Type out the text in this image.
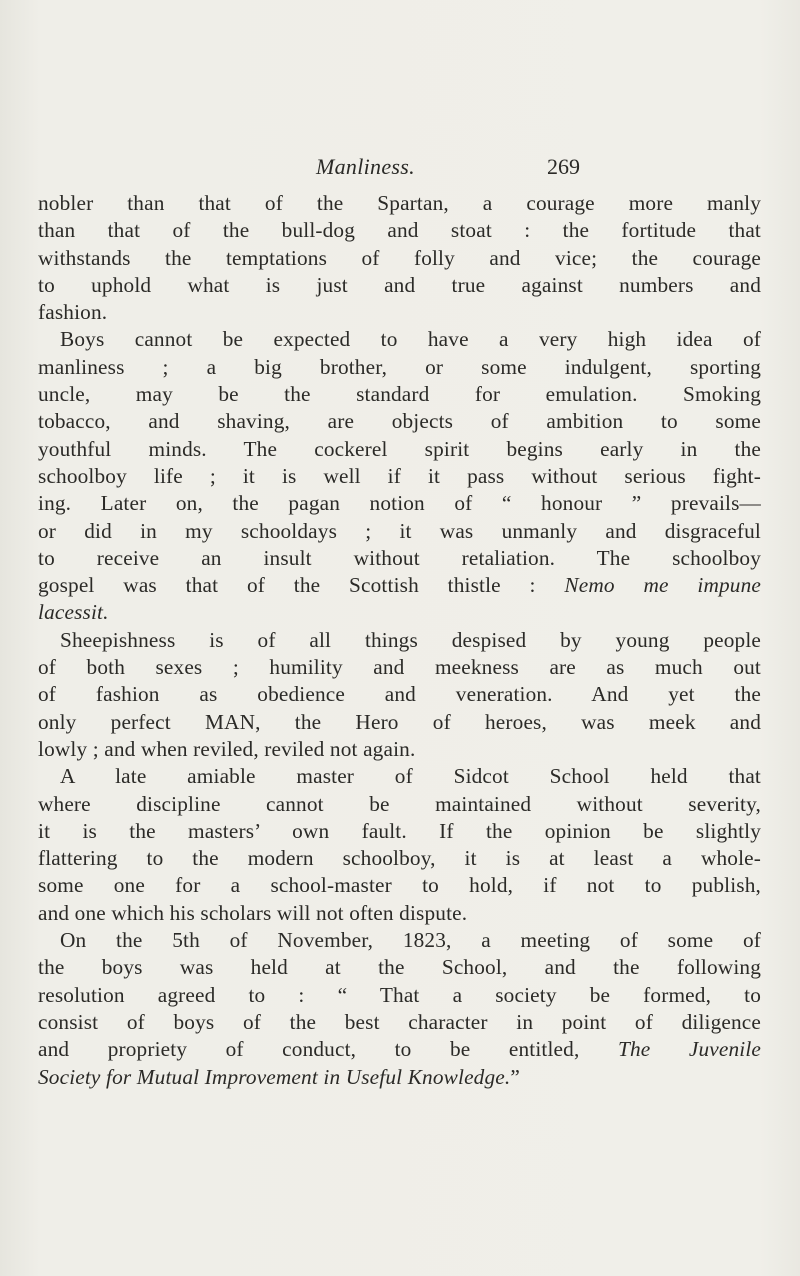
Manliness.	269
nobler than that of the Spartan, a courage more manly
than that of the bull-dog and stoat : the fortitude that
withstands the temptations of folly and vice; the courage
to uphold what is just and true against numbers and
fashion.
Boys cannot be expected to have a very high idea of
manliness ; a big brother, or some indulgent, sporting
uncle, may be the standard for emulation. Smoking
tobacco, and shaving, are objects of ambition to some
youthful minds. The cockerel spirit begins early in the
schoolboy life ; it is well if it pass without serious fight-
ing. Later on, the pagan notion of “ honour ” prevails—
or did in my schooldays ; it was unmanly and disgraceful
to receive an insult without retaliation. The schoolboy
gospel was that of the Scottish thistle : Nemo me impune
lacessit.
Sheepishness is of all things despised by young people
of both sexes ; humility and meekness are as much out
of fashion as obedience and veneration. And yet the
only perfect MAN, the Hero of heroes, was meek and
lowly ; and when reviled, reviled not again.
A late amiable master of Sidcot School held that
where discipline cannot be maintained without severity,
it is the masters’ own fault. If the opinion be slightly
flattering to the modern schoolboy, it is at least a whole-
some one for a school-master to hold, if not to publish,
and one which his scholars will not often dispute.
On the 5th of November, 1823, a meeting of some of
the boys was held at the School, and the following
resolution agreed to : “ That a society be formed, to
consist of boys of the best character in point of diligence
and propriety of conduct, to be entitled, The Juvenile
Society for Mutual Improvement in Useful Knowledge.”
